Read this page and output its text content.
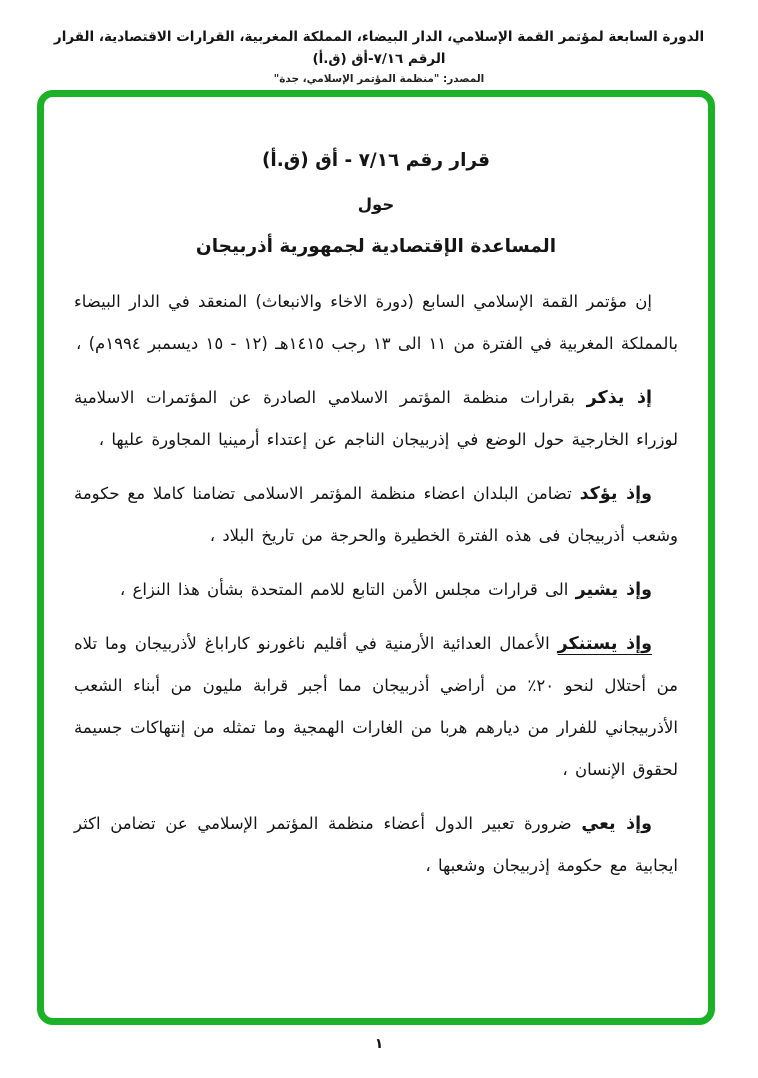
الدورة السابعة لمؤتمر القمة الإسلامي، الدار البيضاء، المملكة المغربية، القرارات الاقتصادية، القرار الرقم ٧/١٦-أق (ق.أ)
المصدر: "منظمة المؤتمر الإسلامي، جدة"
قرار رقم ٧/١٦ - أق (ق.أ)
حول
المساعدة الإقتصادية لجمهورية أذربيجان

إن مؤتمر القمة الإسلامي السابع (دورة الاخاء والانبعاث) المنعقد في الدار البيضاء بالمملكة المغربية في الفترة من ١١ الى ١٣ رجب ١٤١٥هـ (١٢ - ١٥ ديسمبر ١٩٩٤م) ،

إذ يذكر بقرارات منظمة المؤتمر الاسلامي الصادرة عن المؤتمرات الاسلامية لوزراء الخارجية حول الوضع في إذربيجان الناجم عن إعتداء أرمينيا المجاورة عليها ،

وإذ يؤكد تضامن البلدان اعضاء منظمة المؤتمر الاسلامى تضامنا كاملا مع حكومة وشعب أذربيجان فى هذه الفترة الخطيرة والحرجة من تاريخ البلاد ،

وإذ يشير الى قرارات مجلس الأمن التابع للامم المتحدة بشأن هذا النزاع ،

وإذ يستنكر الأعمال العدائية الأرمنية في أقليم ناغورنو كاراباغ لأذربيجان وما تلاه من أحتلال لنحو ٢٠٪ من أراضي أذربيجان مما أجبر قرابة مليون من أبناء الشعب الأذربيجاني للفرار من ديارهم هربا من الغارات الهمجية وما تمثله من إنتهاكات جسيمة لحقوق الإنسان ،

وإذ يعي ضرورة تعبير الدول أعضاء منظمة المؤتمر الإسلامي عن تضامن اكثر ايجابية مع حكومة إذربيجان وشعبها ،

١
